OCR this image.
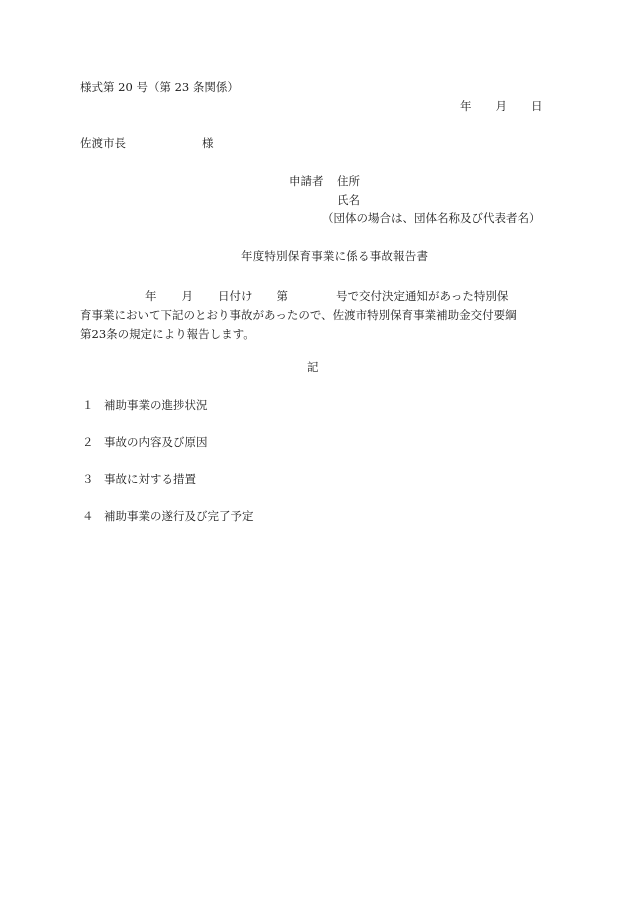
様式第 20 号（第 23 条関係）
年 月 日
佐渡市長	様
申請者 住所
氏名
（団体の場合は、団体名称及び代表者名）
年度特別保育事業に係る事故報告書
年 月 日付け 第	号で交付決定通知があった特別保
育事業において下記のとおり事故があったので、佐渡市特別保育事業補助金交付要綱
第23条の規定により報告します。
記
１ 補助事業の進捗状況
２ 事故の内容及び原因
３ 事故に対する措置
４ 補助事業の遂行及び完了予定
